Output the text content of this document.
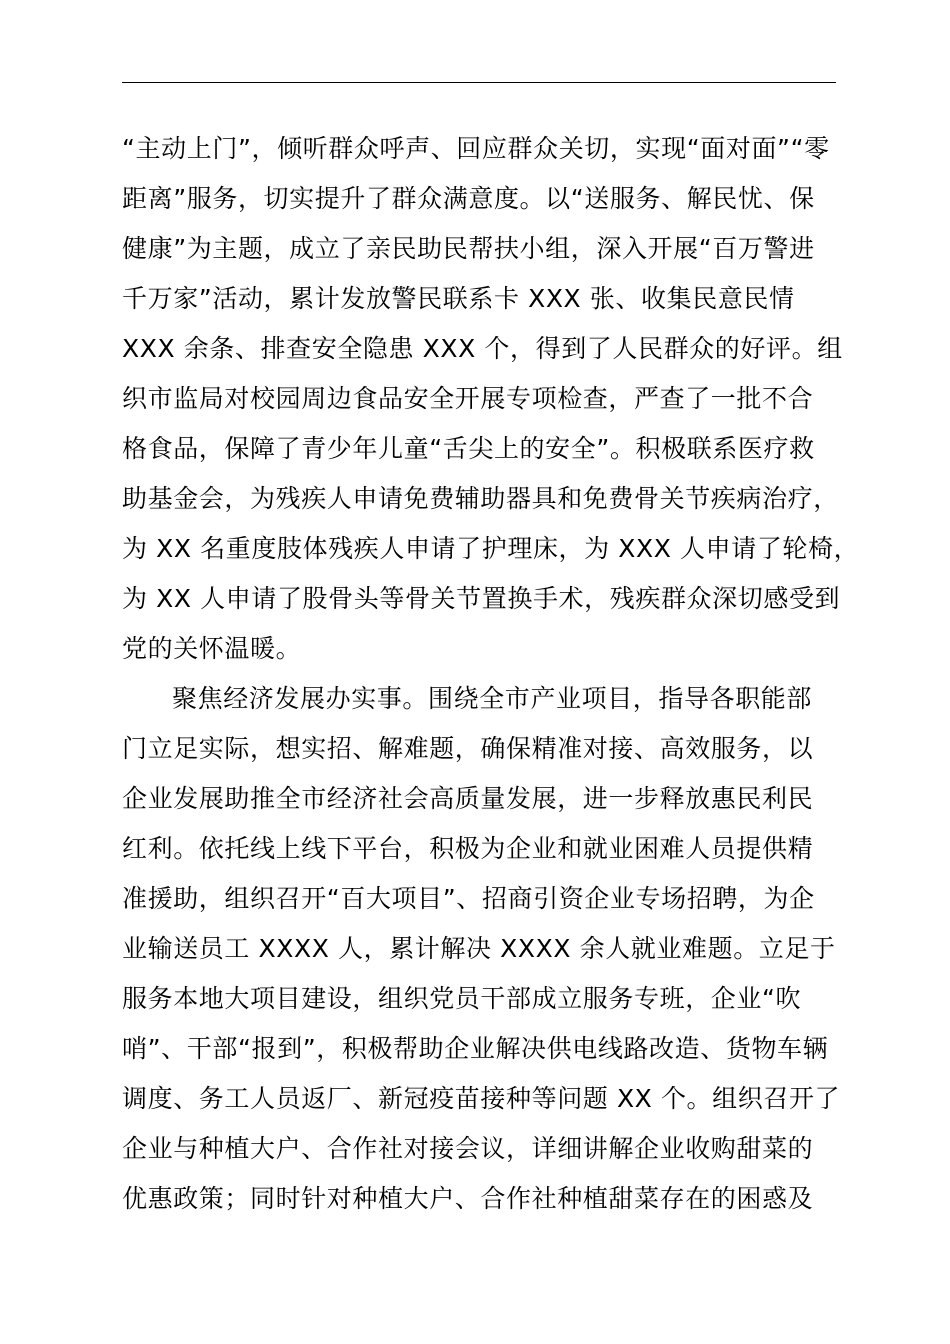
“主动上门”，倾听群众呼声、回应群众关切，实现“面对面”“零
距离”服务，切实提升了群众满意度。以“送服务、解民忧、保
健康”为主题，成立了亲民助民帮扶小组，深入开展“百万警进
千万家”活动，累计发放警民联系卡 XXX 张、收集民意民情
XXX 余条、排查安全隐患 XXX 个，得到了人民群众的好评。组
织市监局对校园周边食品安全开展专项检查，严查了一批不合
格食品，保障了青少年儿童“舌尖上的安全”。积极联系医疗救
助基金会，为残疾人申请免费辅助器具和免费骨关节疾病治疗，
为 XX 名重度肢体残疾人申请了护理床，为 XXX 人申请了轮椅，
为 XX 人申请了股骨头等骨关节置换手术，残疾群众深切感受到
党的关怀温暖。
聚焦经济发展办实事。围绕全市产业项目，指导各职能部
门立足实际，想实招、解难题，确保精准对接、高效服务，以
企业发展助推全市经济社会高质量发展，进一步释放惠民利民
红利。依托线上线下平台，积极为企业和就业困难人员提供精
准援助，组织召开“百大项目”、招商引资企业专场招聘，为企
业输送员工 XXXX 人，累计解决 XXXX 余人就业难题。立足于
服务本地大项目建设，组织党员干部成立服务专班，企业“吹
哨”、干部“报到”，积极帮助企业解决供电线路改造、货物车辆
调度、务工人员返厂、新冠疫苗接种等问题 XX 个。组织召开了
企业与种植大户、合作社对接会议，详细讲解企业收购甜菜的
优惠政策；同时针对种植大户、合作社种植甜菜存在的困惑及
